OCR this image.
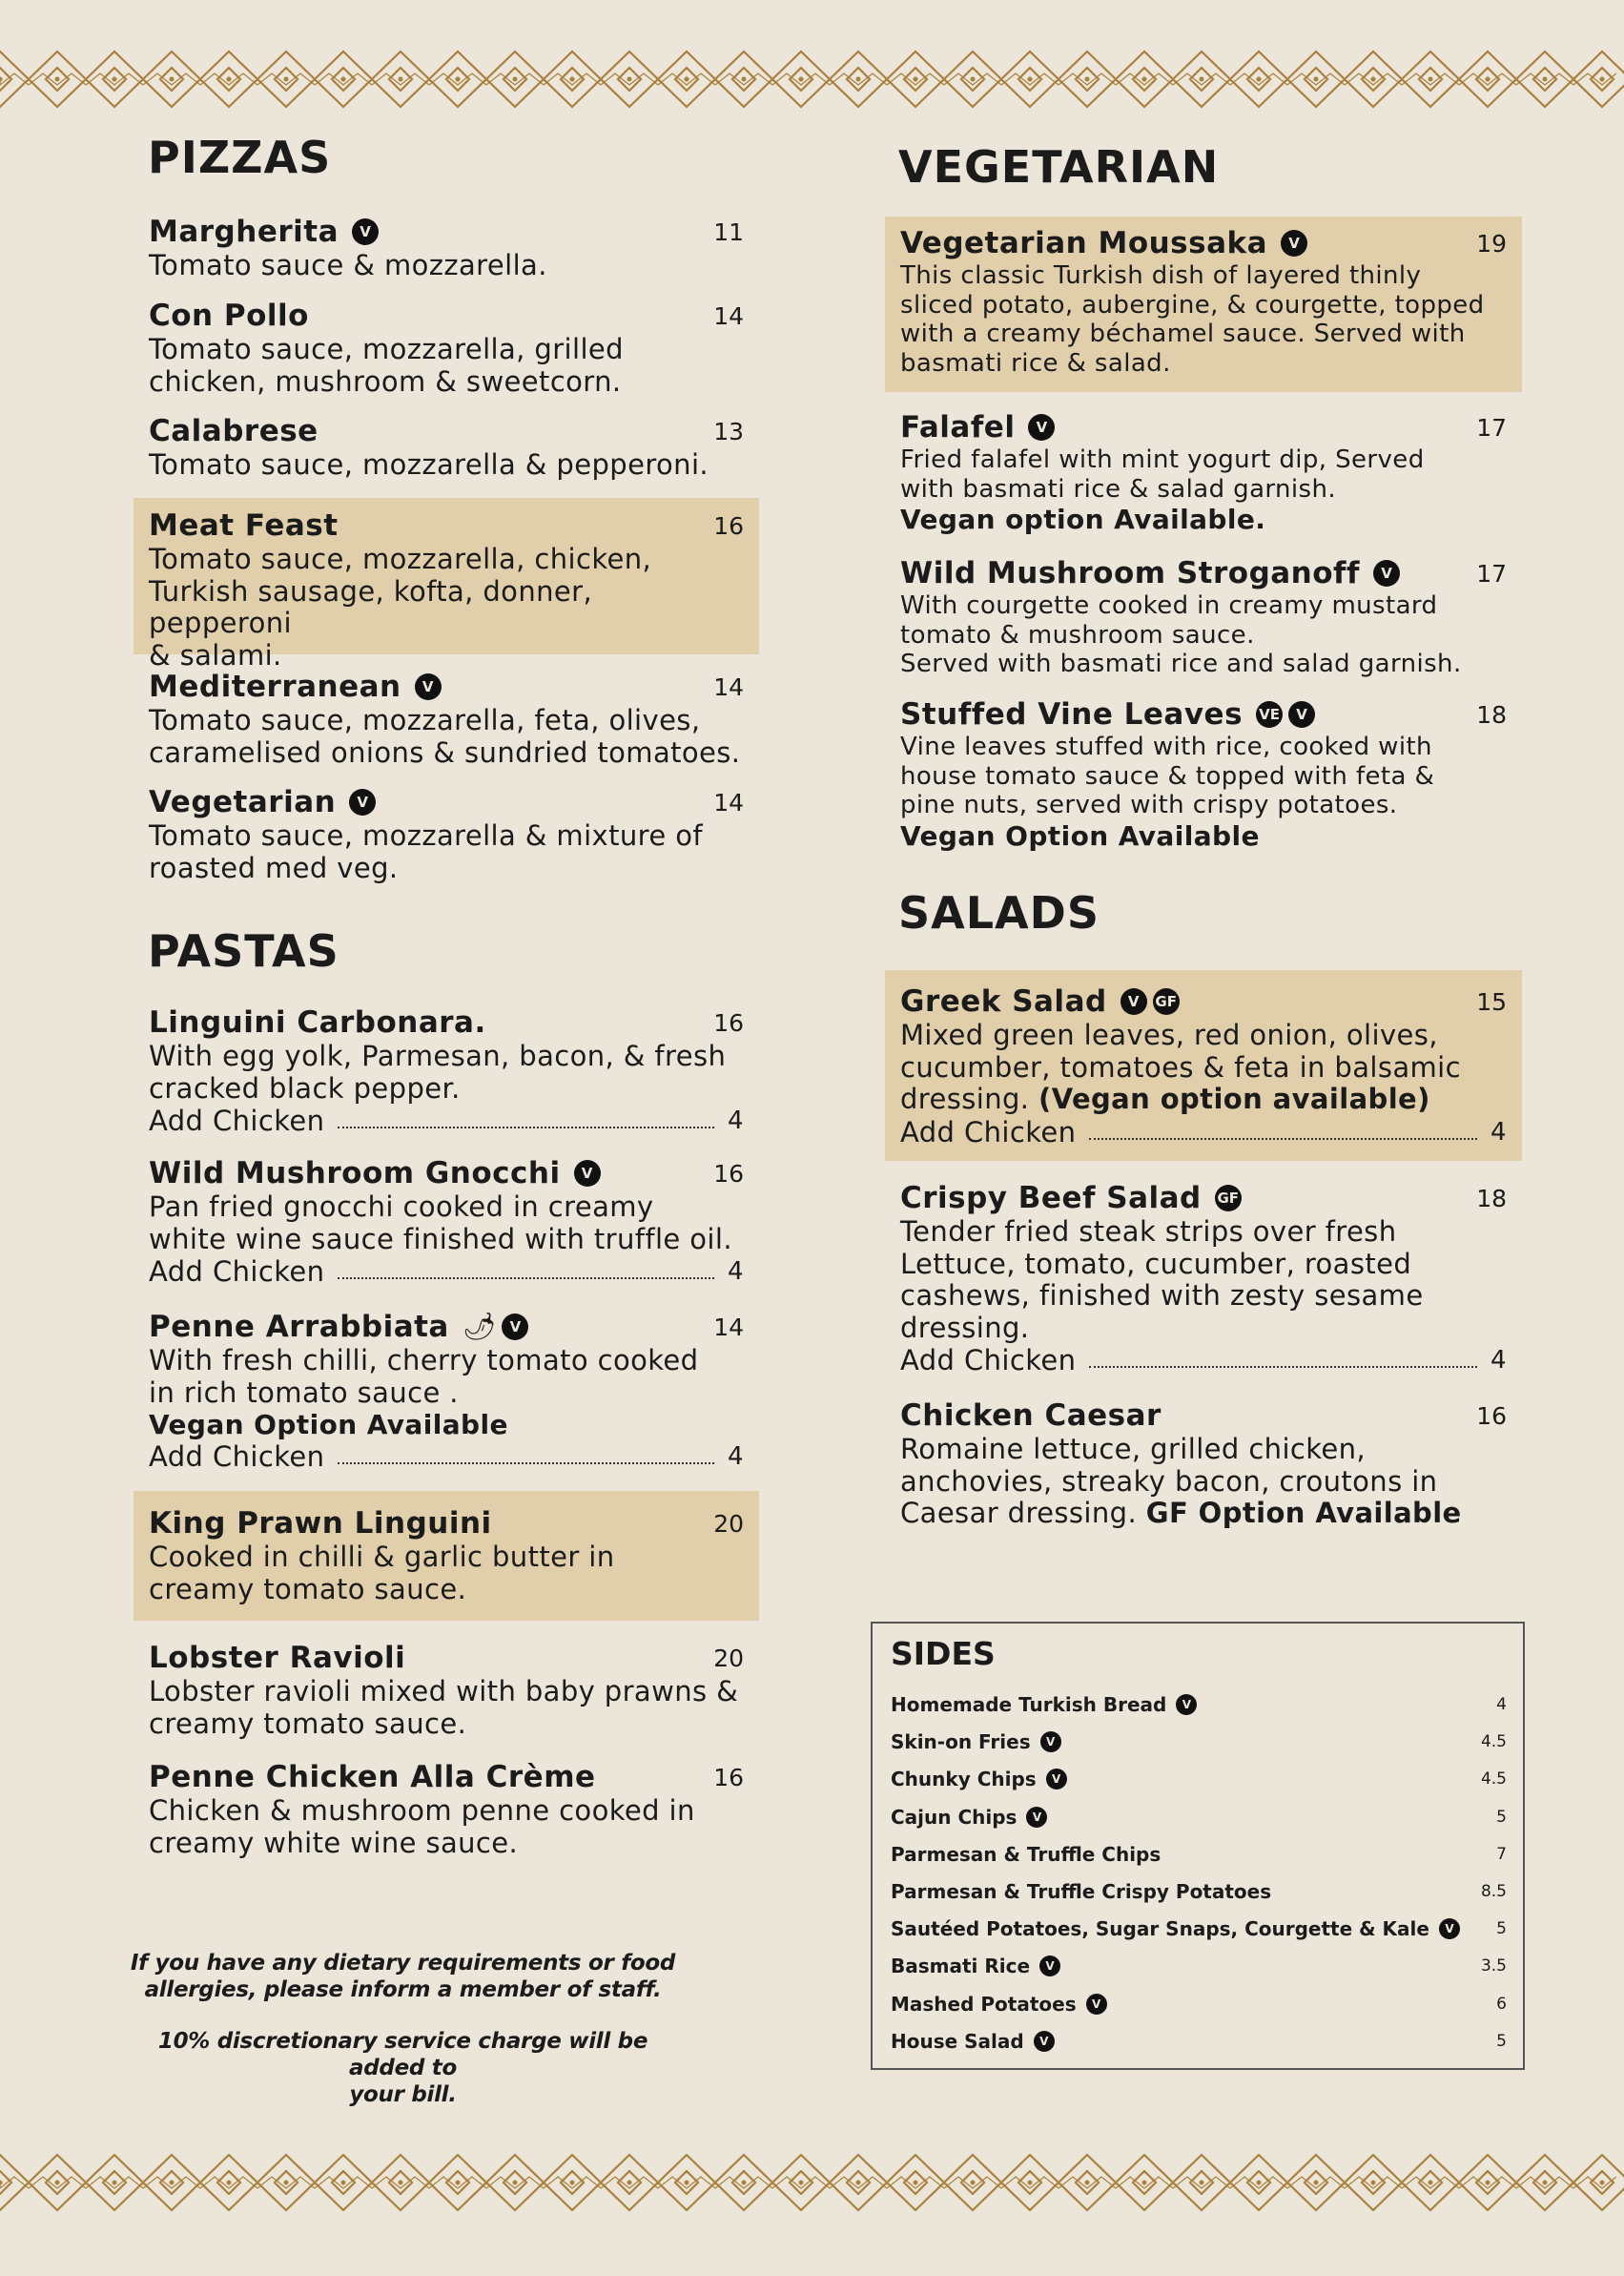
PIZZAS
Margherita	V	11
Tomato sauce & mozzarella.
Con Pollo	14
Tomato sauce, mozzarella, grilled
chicken, mushroom & sweetcorn.
Calabrese	13
Tomato sauce, mozzarella & pepperoni.
Meat Feast	16
Tomato sauce, mozzarella, chicken,
Turkish sausage, kofta, donner, pepperoni
& salami.
Mediterranean	V	14
Tomato sauce, mozzarella, feta, olives,
caramelised onions & sundried tomatoes.
Vegetarian	V	14
Tomato sauce, mozzarella & mixture of
roasted med veg.
PASTAS
Linguini Carbonara.	16
With egg yolk, Parmesan, bacon, & fresh
cracked black pepper.
Add Chicken	4
Wild Mushroom Gnocchi	V	16
Pan fried gnocchi cooked in creamy
white wine sauce finished with truffle oil.
Add Chicken	4
Penne Arrabbiata 🌶 V	14
With fresh chilli, cherry tomato cooked
in rich tomato sauce .
Vegan Option Available
Add Chicken	4
King Prawn Linguini	20
Cooked in chilli & garlic butter in
creamy tomato sauce.
Lobster Ravioli	20
Lobster ravioli mixed with baby prawns &
creamy tomato sauce.
Penne Chicken Alla Crème	16
Chicken & mushroom penne cooked in
creamy white wine sauce.
If you have any dietary requirements or food
allergies, please inform a member of staff.
10% discretionary service charge will be added to
your bill.
VEGETARIAN
Vegetarian Moussaka	V	19
This classic Turkish dish of layered thinly
sliced potato, aubergine, & courgette, topped
with a creamy béchamel sauce. Served with
basmati rice & salad.
Falafel	V	17
Fried falafel with mint yogurt dip, Served
with basmati rice & salad garnish.
Vegan option Available.
Wild Mushroom Stroganoff	V	17
With courgette cooked in creamy mustard
tomato & mushroom sauce.
Served with basmati rice and salad garnish.
Stuffed Vine Leaves VE	V	18
Vine leaves stuffed with rice, cooked with
house tomato sauce & topped with feta &
pine nuts, served with crispy potatoes.
Vegan Option Available
SALADS
Greek Salad	V	GF	15
Mixed green leaves, red onion, olives,
cucumber, tomatoes & feta in balsamic
dressing. (Vegan option available)
Add Chicken	4
Crispy Beef Salad GF	18
Tender fried steak strips over fresh
Lettuce, tomato, cucumber, roasted
cashews, finished with zesty sesame
dressing.
Add Chicken	4
Chicken Caesar	16
Romaine lettuce, grilled chicken,
anchovies, streaky bacon, croutons in
Caesar dressing. GF Option Available
SIDES
Homemade Turkish Bread	V	4
Skin-on Fries	V	4.5
Chunky Chips	V	4.5
Cajun Chips	V	5
Parmesan & Truffle Chips	7
Parmesan & Truffle Crispy Potatoes	8.5
Sautéed Potatoes, Sugar Snaps, Courgette & Kale	V	5
Basmati Rice	V	3.5
Mashed Potatoes	V	6
House Salad	V	5
